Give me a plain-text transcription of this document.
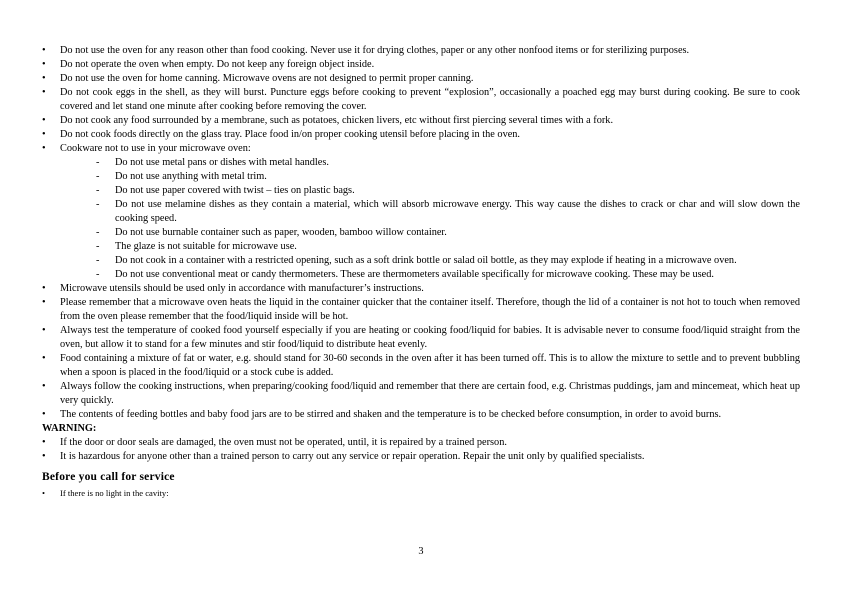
• Do not use the oven for any reason other than food cooking. Never use it for drying clothes, paper or any other nonfood items or for sterilizing purposes.
• Do not operate the oven when empty. Do not keep any foreign object inside.
• Do not use the oven for home canning. Microwave ovens are not designed to permit proper canning.
• Do not cook eggs in the shell, as they will burst. Puncture eggs before cooking to prevent “explosion”, occasionally a poached egg may burst during cooking. Be sure to cook covered and let stand one minute after cooking before removing the cover.
• Do not cook any food surrounded by a membrane, such as potatoes, chicken livers, etc without first piercing several times with a fork.
• Do not cook foods directly on the glass tray. Place food in/on proper cooking utensil before placing in the oven.
• Cookware not to use in your microwave oven:
- Do not use metal pans or dishes with metal handles.
- Do not use anything with metal trim.
- Do not use paper covered with twist – ties on plastic bags.
- Do not use melamine dishes as they contain a material, which will absorb microwave energy. This way cause the dishes to crack or char and will slow down the cooking speed.
- Do not use burnable container such as paper, wooden, bamboo willow container.
- The glaze is not suitable for microwave use.
- Do not cook in a container with a restricted opening, such as a soft drink bottle or salad oil bottle, as they may explode if heating in a microwave oven.
- Do not use conventional meat or candy thermometers. These are thermometers available specifically for microwave cooking. These may be used.
• Microwave utensils should be used only in accordance with manufacturer’s instructions.
• Please remember that a microwave oven heats the liquid in the container quicker that the container itself. Therefore, though the lid of a container is not hot to touch when removed from the oven please remember that the food/liquid inside will be hot.
• Always test the temperature of cooked food yourself especially if you are heating or cooking food/liquid for babies. It is advisable never to consume food/liquid straight from the oven, but allow it to stand for a few minutes and stir food/liquid to distribute heat evenly.
• Food containing a mixture of fat or water, e.g. should stand for 30-60 seconds in the oven after it has been turned off. This is to allow the mixture to settle and to prevent bubbling when a spoon is placed in the food/liquid or a stock cube is added.
• Always follow the cooking instructions, when preparing/cooking food/liquid and remember that there are certain food, e.g. Christmas puddings, jam and mincemeat, which heat up very quickly.
• The contents of feeding bottles and baby food jars are to be stirred and shaken and the temperature is to be checked before consumption, in order to avoid burns.
WARNING:
• If the door or door seals are damaged, the oven must not be operated, until, it is repaired by a trained person.
• It is hazardous for anyone other than a trained person to carry out any service or repair operation. Repair the unit only by qualified specialists.
Before you call for service
• If there is no light in the cavity:
3
